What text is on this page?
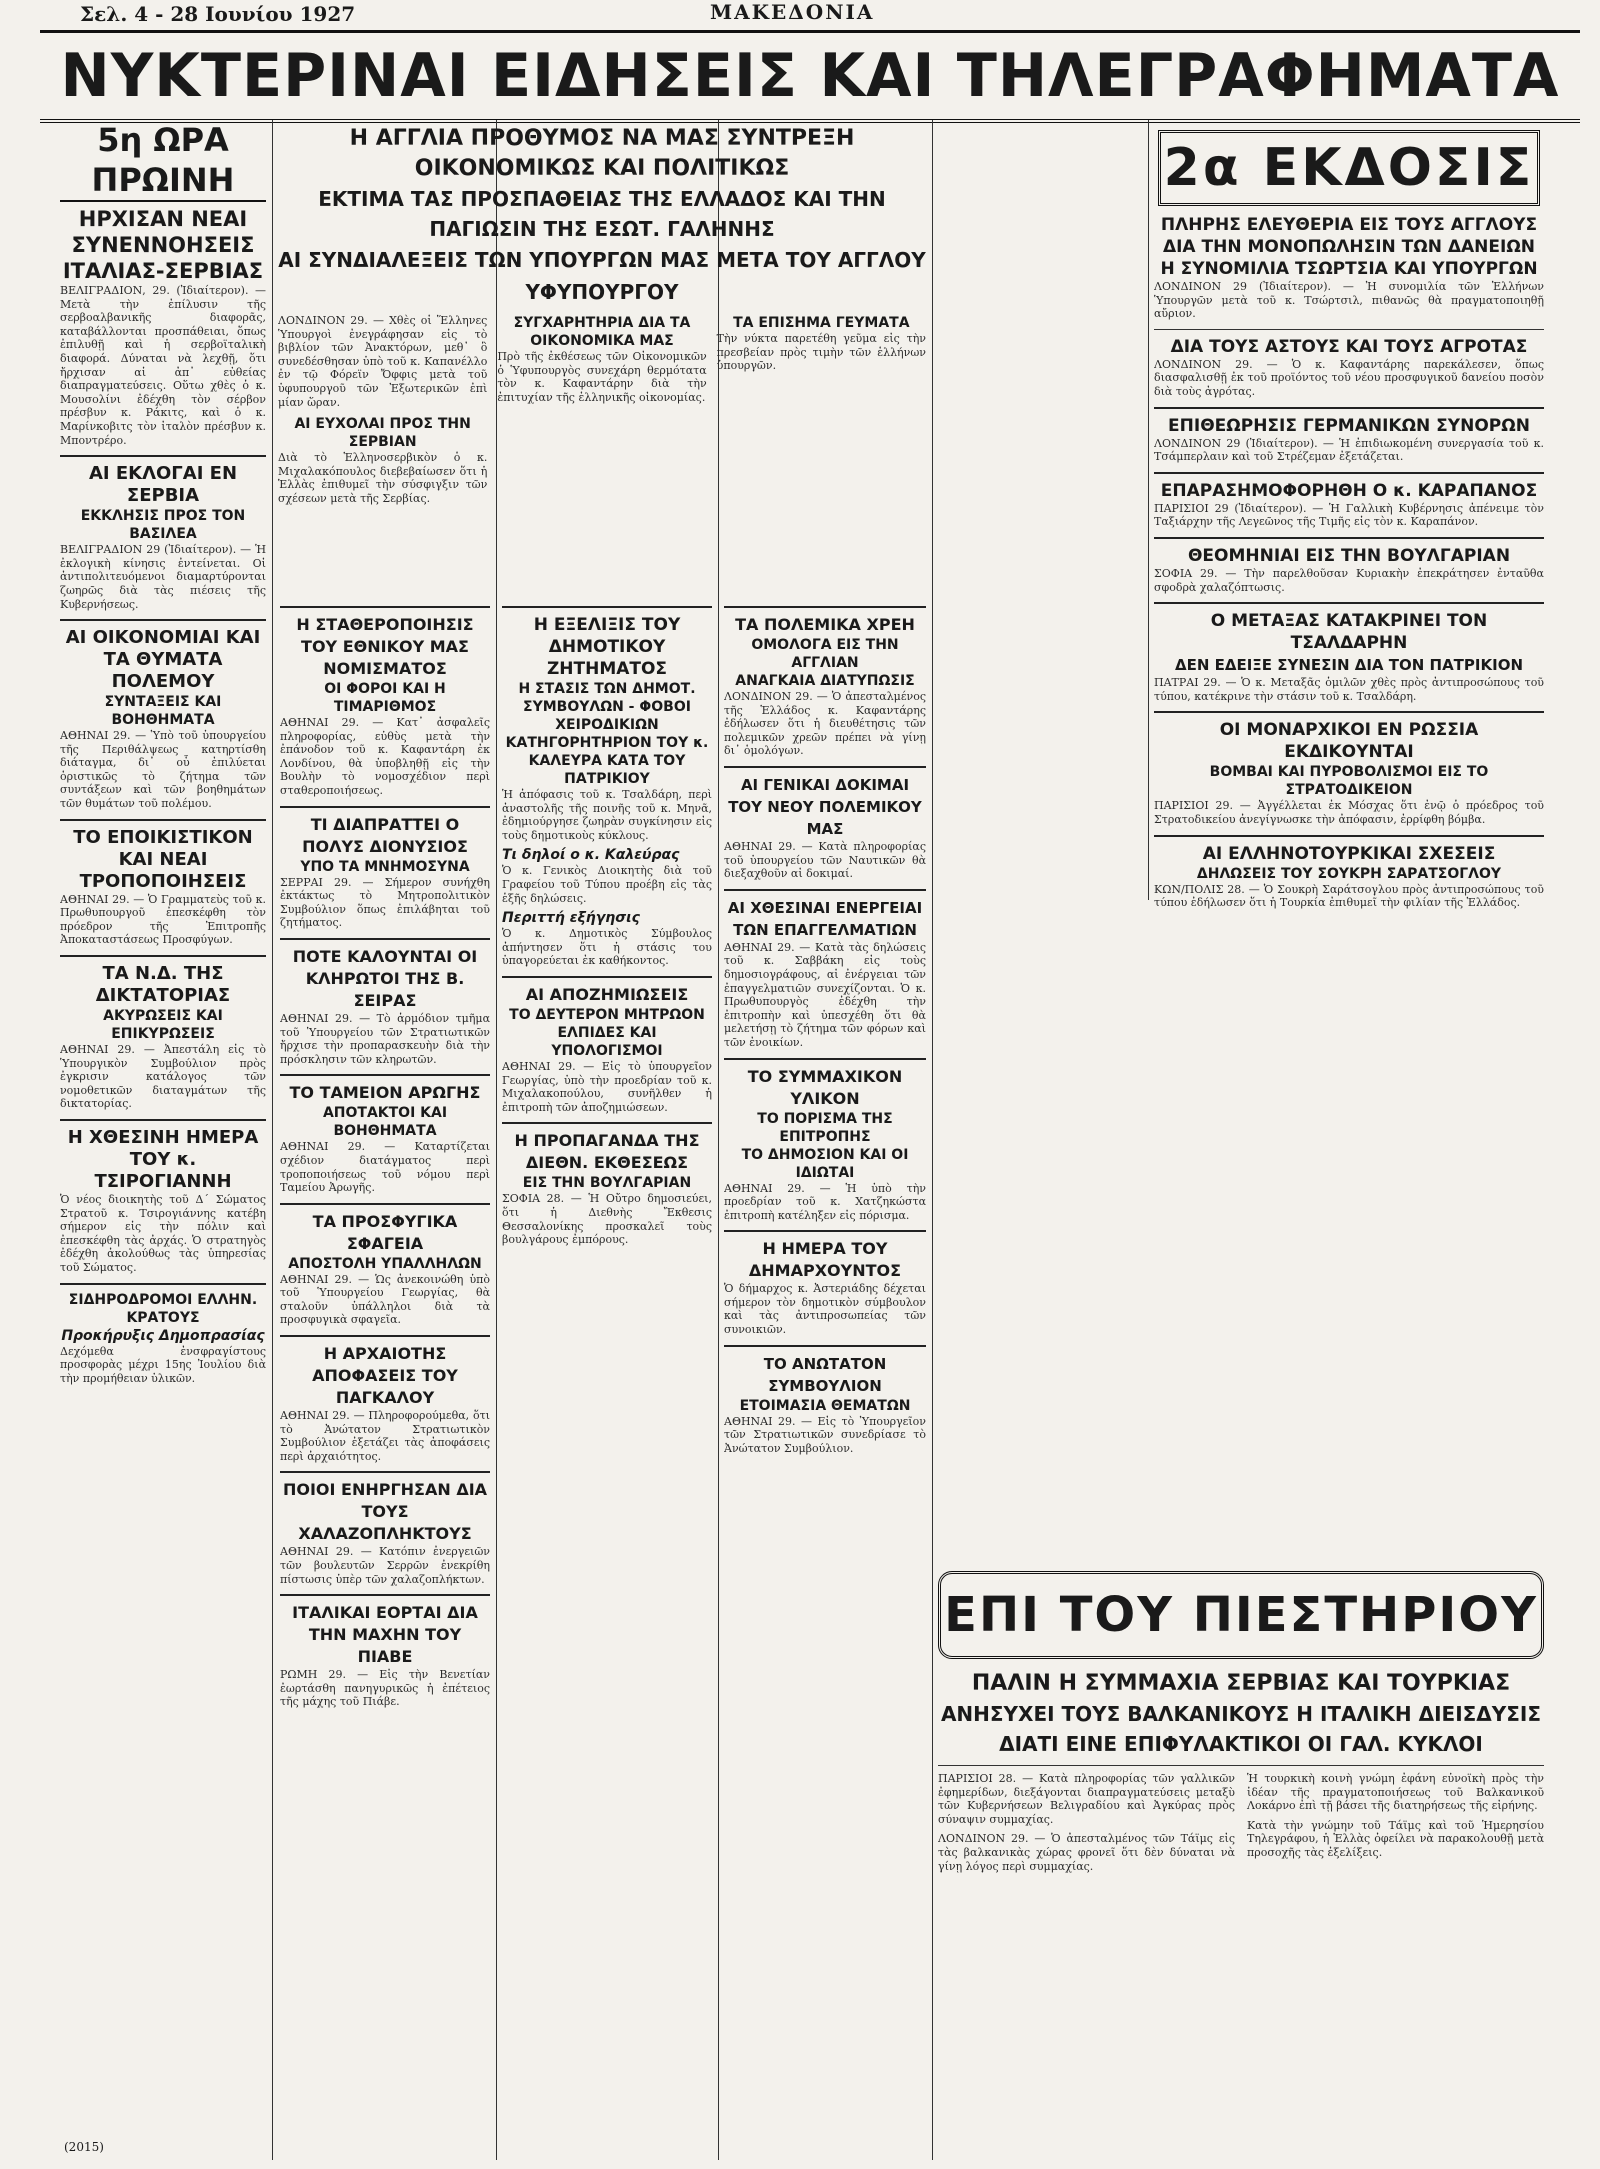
Σελ. 4 - 28 Ιουνίου 1927	ΜΑΚΕΔΟΝΙΑ
ΝΥΚΤΕΡΙΝΑΙ ΕΙΔΗΣΕΙΣ ΚΑΙ ΤΗΛΕΓΡΑΦΗΜΑΤΑ
5η ΩΡΑ ΠΡΩΙΝΗ
ΗΡΧΙΣΑΝ ΝΕΑΙ ΣΥΝΕΝΝΟΗΣΕΙΣ ΙΤΑΛΙΑΣ-ΣΕΡΒΙΑΣ
ΒΕΛΙΓΡΑΔΙΟΝ, 29. (Ἰδιαίτερον). — Μετὰ τὴν ἐπίλυσιν τῆς σερβοαλβανικῆς διαφορᾶς, καταβάλλονται προσπάθειαι, ὅπως ἐπιλυθῇ καὶ ἡ σερβοϊταλικὴ διαφορά. Δύναται νὰ λεχθῇ, ὅτι ἤρχισαν αἱ ἀπ᾿ εὐθείας διαπραγματεύσεις. Οὕτω χθὲς ὁ κ. Μουσολίνι ἐδέχθη τὸν σέρβον πρέσβυν κ. Ράκιτς, καὶ ὁ κ. Μαρίνκοβιτς τὸν ἰταλὸν πρέσβυν κ. Μποντρέρο.
ΑΙ ΕΚΛΟΓΑΙ ΕΝ ΣΕΡΒΙΑ
ΕΚΚΛΗΣΙΣ ΠΡΟΣ ΤΟΝ ΒΑΣΙΛΕΑ
ΒΕΛΙΓΡΑΔΙΟΝ 29 (Ἰδιαίτερον). — Ἡ ἐκλογικὴ κίνησις ἐντείνεται. Οἱ ἀντιπολιτευόμενοι διαμαρτύρονται ζωηρῶς διὰ τὰς πιέσεις τῆς Κυβερνήσεως.
ΑΙ ΟΙΚΟΝΟΜΙΑΙ ΚΑΙ ΤΑ ΘΥΜΑΤΑ ΠΟΛΕΜΟΥ
ΣΥΝΤΑΞΕΙΣ ΚΑΙ ΒΟΗΘΗΜΑΤΑ
ΑΘΗΝΑΙ 29. — Ὑπὸ τοῦ ὑπουργείου τῆς Περιθάλψεως κατηρτίσθη διάταγμα, δι᾿ οὗ ἐπιλύεται ὁριστικῶς τὸ ζήτημα τῶν συντάξεων καὶ τῶν βοηθημάτων τῶν θυμάτων τοῦ πολέμου.
ΤΟ ΕΠΟΙΚΙΣΤΙΚΟΝ ΚΑΙ ΝΕΑΙ ΤΡΟΠΟΠΟΙΗΣΕΙΣ
ΑΘΗΝΑΙ 29. — Ὁ Γραμματεὺς τοῦ κ. Πρωθυπουργοῦ ἐπεσκέφθη τὸν πρόεδρον τῆς Ἐπιτροπῆς Ἀποκαταστάσεως Προσφύγων.
ΤΑ Ν.Δ. ΤΗΣ ΔΙΚΤΑΤΟΡΙΑΣ
ΑΚΥΡΩΣΕΙΣ ΚΑΙ ΕΠΙΚΥΡΩΣΕΙΣ
ΑΘΗΝΑΙ 29. — Ἀπεστάλη εἰς τὸ Ὑπουργικὸν Συμβούλιον πρὸς ἐγκρισιν κατάλογος τῶν νομοθετικῶν διαταγμάτων τῆς δικτατορίας.
Η ΧΘΕΣΙΝΗ ΗΜΕΡΑ ΤΟΥ κ. ΤΣΙΡΟΓΙΑΝΝΗ
Ὁ νέος διοικητὴς τοῦ Δ΄ Σώματος Στρατοῦ κ. Τσιρογιάννης κατέβη σήμερον εἰς τὴν πόλιν καὶ ἐπεσκέφθη τὰς ἀρχάς. Ὁ στρατηγὸς ἐδέχθη ἀκολούθως τὰς ὑπηρεσίας τοῦ Σώματος.
ΣΙΔΗΡΟΔΡΟΜΟΙ ΕΛΛΗΝ. ΚΡΑΤΟΥΣ
Προκήρυξις Δημοπρασίας
Δεχόμεθα ἐνσφραγίστους προσφορὰς μέχρι 15ης Ἰουλίου διὰ τὴν προμήθειαν ὑλικῶν.
(2015)
Η ΑΓΓΛΙΑ ΠΡΟΘΥΜΟΣ ΝΑ ΜΑΣ ΣΥΝΤΡΕΞΗ ΟΙΚΟΝΟΜΙΚΩΣ ΚΑΙ ΠΟΛΙΤΙΚΩΣ
ΕΚΤΙΜΑ ΤΑΣ ΠΡΟΣΠΑΘΕΙΑΣ ΤΗΣ ΕΛΛΑΔΟΣ ΚΑΙ ΤΗΝ ΠΑΓΙΩΣΙΝ ΤΗΣ ΕΣΩΤ. ΓΑΛΗΝΗΣ
ΑΙ ΣΥΝΔΙΑΛΕΞΕΙΣ ΤΩΝ ΥΠΟΥΡΓΩΝ ΜΑΣ ΜΕΤΑ ΤΟΥ ΑΓΓΛΟΥ ΥΦΥΠΟΥΡΓΟΥ
ΛΟΝΔΙΝΟΝ 29. — Χθὲς οἱ Ἕλληνες Ὑπουργοὶ ἐνεγράφησαν εἰς τὸ βιβλίον τῶν Ἀνακτόρων, μεθ᾿ ὃ συνεδέσθησαν ὑπὸ τοῦ κ. Καπανέλλο ἐν τῷ Φόρεϊν Ὄφφις μετὰ τοῦ ὑφυπουργοῦ τῶν Ἐξωτερικῶν ἐπὶ μίαν ὥραν.
ΑΙ ΕΥΧΟΛΑΙ ΠΡΟΣ ΤΗΝ ΣΕΡΒΙΑΝ
Διὰ τὸ Ἑλληνοσερβικὸν ὁ κ. Μιχαλακόπουλος διεβεβαίωσεν ὅτι ἡ Ἑλλὰς ἐπιθυμεῖ τὴν σύσφιγξιν τῶν σχέσεων μετὰ τῆς Σερβίας.
ΣΥΓΧΑΡΗΤΗΡΙΑ ΔΙΑ ΤΑ ΟΙΚΟΝΟΜΙΚΑ ΜΑΣ
Πρὸ τῆς ἐκθέσεως τῶν Οἰκονομικῶν ὁ Ὑφυπουργὸς συνεχάρη θερμότατα τὸν κ. Καφαντάρην διὰ τὴν ἐπιτυχίαν τῆς ἑλληνικῆς οἰκονομίας.
ΤΑ ΕΠΙΣΗΜΑ ΓΕΥΜΑΤΑ
Τὴν νύκτα παρετέθη γεῦμα εἰς τὴν πρεσβείαν πρὸς τιμὴν τῶν ἑλλήνων ὑπουργῶν.
Η ΣΤΑΘΕΡΟΠΟΙΗΣΙΣ ΤΟΥ ΕΘΝΙΚΟΥ ΜΑΣ ΝΟΜΙΣΜΑΤΟΣ
ΟΙ ΦΟΡΟΙ ΚΑΙ Η ΤΙΜΑΡΙΘΜΟΣ
ΑΘΗΝΑΙ 29. — Κατ᾿ ἀσφαλεῖς πληροφορίας, εὐθὺς μετὰ τὴν ἐπάνοδον τοῦ κ. Καφαντάρη ἐκ Λονδίνου, θὰ ὑποβληθῇ εἰς τὴν Βουλὴν τὸ νομοσχέδιον περὶ σταθεροποιήσεως.
ΤΙ ΔΙΑΠΡΑΤΤΕΙ Ο ΠΟΛΥΣ ΔΙΟΝΥΣΙΟΣ
ΥΠΟ ΤΑ ΜΝΗΜΟΣΥΝΑ
ΣΕΡΡΑΙ 29. — Σήμερον συνήχθη ἐκτάκτως τὸ Μητροπολιτικὸν Συμβούλιον ὅπως ἐπιλάβηται τοῦ ζητήματος.
ΠΟΤΕ ΚΑΛΟΥΝΤΑΙ ΟΙ ΚΛΗΡΩΤΟΙ ΤΗΣ Β. ΣΕΙΡΑΣ
ΑΘΗΝΑΙ 29. — Τὸ ἁρμόδιον τμῆμα τοῦ Ὑπουργείου τῶν Στρατιωτικῶν ἤρχισε τὴν προπαρασκευὴν διὰ τὴν πρόσκλησιν τῶν κληρωτῶν.
ΤΟ ΤΑΜΕΙΟΝ ΑΡΩΓΗΣ
ΑΠΟΤΑΚΤΟΙ ΚΑΙ ΒΟΗΘΗΜΑΤΑ
ΑΘΗΝΑΙ 29. — Καταρτίζεται σχέδιον διατάγματος περὶ τροποποιήσεως τοῦ νόμου περὶ Ταμείου Ἀρωγῆς.
ΤΑ ΠΡΟΣΦΥΓΙΚΑ ΣΦΑΓΕΙΑ
ΑΠΟΣΤΟΛΗ ΥΠΑΛΛΗΛΩΝ
ΑΘΗΝΑΙ 29. — Ὡς ἀνεκοινώθη ὑπὸ τοῦ Ὑπουργείου Γεωργίας, θὰ σταλοῦν ὑπάλληλοι διὰ τὰ προσφυγικὰ σφαγεῖα.
Η ΑΡΧΑΙΟΤΗΣ ΑΠΟΦΑΣΕΙΣ ΤΟΥ ΠΑΓΚΑΛΟΥ
ΑΘΗΝΑΙ 29. — Πληροφορούμεθα, ὅτι τὸ Ἀνώτατον Στρατιωτικὸν Συμβούλιον ἐξετάζει τὰς ἀποφάσεις περὶ ἀρχαιότητος.
ΠΟΙΟΙ ΕΝΗΡΓΗΣΑΝ ΔΙΑ ΤΟΥΣ ΧΑΛΑΖΟΠΛΗΚΤΟΥΣ
ΑΘΗΝΑΙ 29. — Κατόπιν ἐνεργειῶν τῶν βουλευτῶν Σερρῶν ἐνεκρίθη πίστωσις ὑπὲρ τῶν χαλαζοπλήκτων.
ΙΤΑΛΙΚΑΙ ΕΟΡΤΑΙ ΔΙΑ ΤΗΝ ΜΑΧΗΝ ΤΟΥ ΠΙΑΒΕ
ΡΩΜΗ 29. — Εἰς τὴν Βενετίαν ἐωρτάσθη πανηγυρικῶς ἡ ἐπέτειος τῆς μάχης τοῦ Πιάβε.
Η ΕΞΕΛΙΞΙΣ ΤΟΥ ΔΗΜΟΤΙΚΟΥ ΖΗΤΗΜΑΤΟΣ
Η ΣΤΑΣΙΣ ΤΩΝ ΔΗΜΟΤ. ΣΥΜΒΟΥΛΩΝ - ΦΟΒΟΙ ΧΕΙΡΟΔΙΚΙΩΝ
ΚΑΤΗΓΟΡΗΤΗΡΙΟΝ ΤΟΥ κ. ΚΑΛΕΥΡΑ ΚΑΤΑ ΤΟΥ ΠΑΤΡΙΚΙΟΥ
Ἡ ἀπόφασις τοῦ κ. Τσαλδάρη, περὶ ἀναστολῆς τῆς ποινῆς τοῦ κ. Μηνᾶ, ἐδημιούργησε ζωηρὰν συγκίνησιν εἰς τοὺς δημοτικοὺς κύκλους.
Τι δηλοί ο κ. Καλεύρας
Ὁ κ. Γενικὸς Διοικητὴς διὰ τοῦ Γραφείου τοῦ Τύπου προέβη εἰς τὰς ἑξῆς δηλώσεις.
Περιττή εξήγησις
Ὁ κ. Δημοτικὸς Σύμβουλος ἀπήντησεν ὅτι ἡ στάσις του ὑπαγορεύεται ἐκ καθήκοντος.
ΑΙ ΑΠΟΖΗΜΙΩΣΕΙΣ
ΤΟ ΔΕΥΤΕΡΟΝ ΜΗΤΡΩΟΝ
ΕΛΠΙΔΕΣ ΚΑΙ ΥΠΟΛΟΓΙΣΜΟΙ
ΑΘΗΝΑΙ 29. — Εἰς τὸ ὑπουργεῖον Γεωργίας, ὑπὸ τὴν προεδρίαν τοῦ κ. Μιχαλακοπούλου, συνῆλθεν ἡ ἐπιτροπὴ τῶν ἀποζημιώσεων.
Η ΠΡΟΠΑΓΑΝΔΑ ΤΗΣ ΔΙΕΘΝ. ΕΚΘΕΣΕΩΣ
ΕΙΣ ΤΗΝ ΒΟΥΛΓΑΡΙΑΝ
ΣΟΦΙΑ 28. — Ἡ Οὔτρο δημοσιεύει, ὅτι ἡ Διεθνὴς Ἔκθεσις Θεσσαλονίκης προσκαλεῖ τοὺς βουλγάρους ἐμπόρους.
ΤΑ ΠΟΛΕΜΙΚΑ ΧΡΕΗ
ΟΜΟΛΟΓΑ ΕΙΣ ΤΗΝ ΑΓΓΛΙΑΝ
ΑΝΑΓΚΑΙΑ ΔΙΑΤΥΠΩΣΙΣ
ΛΟΝΔΙΝΟΝ 29. — Ὁ ἀπεσταλμένος τῆς Ἑλλάδος κ. Καφαντάρης ἐδήλωσεν ὅτι ἡ διευθέτησις τῶν πολεμικῶν χρεῶν πρέπει νὰ γίνῃ δι᾿ ὁμολόγων.
ΑΙ ΓΕΝΙΚΑΙ ΔΟΚΙΜΑΙ ΤΟΥ ΝΕΟΥ ΠΟΛΕΜΙΚΟΥ ΜΑΣ
ΑΘΗΝΑΙ 29. — Κατὰ πληροφορίας τοῦ ὑπουργείου τῶν Ναυτικῶν θὰ διεξαχθοῦν αἱ δοκιμαί.
ΑΙ ΧΘΕΣΙΝΑΙ ΕΝΕΡΓΕΙΑΙ ΤΩΝ ΕΠΑΓΓΕΛΜΑΤΙΩΝ
ΑΘΗΝΑΙ 29. — Κατὰ τὰς δηλώσεις τοῦ κ. Σαββάκη εἰς τοὺς δημοσιογράφους, αἱ ἐνέργειαι τῶν ἐπαγγελματιῶν συνεχίζονται. Ὁ κ. Πρωθυπουργὸς ἐδέχθη τὴν ἐπιτροπὴν καὶ ὑπεσχέθη ὅτι θὰ μελετήσῃ τὸ ζήτημα τῶν φόρων καὶ τῶν ἐνοικίων.
ΤΟ ΣΥΜΜΑΧΙΚΟΝ ΥΛΙΚΟΝ
ΤΟ ΠΟΡΙΣΜΑ ΤΗΣ ΕΠΙΤΡΟΠΗΣ
ΤΟ ΔΗΜΟΣΙΟΝ ΚΑΙ ΟΙ ΙΔΙΩΤΑΙ
ΑΘΗΝΑΙ 29. — Ἡ ὑπὸ τὴν προεδρίαν τοῦ κ. Χατζηκώστα ἐπιτροπὴ κατέληξεν εἰς πόρισμα.
Η ΗΜΕΡΑ ΤΟΥ ΔΗΜΑΡΧΟΥΝΤΟΣ
Ὁ δήμαρχος κ. Ἀστεριάδης δέχεται σήμερον τὸν δημοτικὸν σύμβουλον καὶ τὰς ἀντιπροσωπείας τῶν συνοικιῶν.
ΤΟ ΑΝΩΤΑΤΟΝ ΣΥΜΒΟΥΛΙΟΝ
ΕΤΟΙΜΑΣΙΑ ΘΕΜΑΤΩΝ
ΑΘΗΝΑΙ 29. — Εἰς τὸ Ὑπουργεῖον τῶν Στρατιωτικῶν συνεδρίασε τὸ Ἀνώτατον Συμβούλιον.
2α ΕΚΔΟΣΙΣ
ΠΛΗΡΗΣ ΕΛΕΥΘΕΡΙΑ ΕΙΣ ΤΟΥΣ ΑΓΓΛΟΥΣ ΔΙΑ ΤΗΝ ΜΟΝΟΠΩΛΗΣΙΝ ΤΩΝ ΔΑΝΕΙΩΝ
Η ΣΥΝΟΜΙΛΙΑ ΤΣΩΡΤΣΙΑ ΚΑΙ ΥΠΟΥΡΓΩΝ
ΛΟΝΔΙΝΟΝ 29 (Ἰδιαίτερον). — Ἡ συνομιλία τῶν Ἑλλήνων Ὑπουργῶν μετὰ τοῦ κ. Τσώρτσιλ, πιθανῶς θὰ πραγματοποιηθῇ αὔριον.
ΔΙΑ ΤΟΥΣ ΑΣΤΟΥΣ ΚΑΙ ΤΟΥΣ ΑΓΡΟΤΑΣ
ΛΟΝΔΙΝΟΝ 29. — Ὁ κ. Καφαντάρης παρεκάλεσεν, ὅπως διασφαλισθῇ ἐκ τοῦ προϊόντος τοῦ νέου προσφυγικοῦ δανείου ποσὸν διὰ τοὺς ἀγρότας.
ΕΠΙΘΕΩΡΗΣΙΣ ΓΕΡΜΑΝΙΚΩΝ ΣΥΝΟΡΩΝ
ΛΟΝΔΙΝΟΝ 29 (Ἰδιαίτερον). — Ἡ ἐπιδιωκομένη συνεργασία τοῦ κ. Τσάμπερλαιν καὶ τοῦ Στρέζεμαν ἐξετάζεται.
ΕΠΑΡΑΣΗΜΟΦΟΡΗΘΗ Ο κ. ΚΑΡΑΠΑΝΟΣ
ΠΑΡΙΣΙΟΙ 29 (Ἰδιαίτερον). — Ἡ Γαλλικὴ Κυβέρνησις ἀπένειμε τὸν Ταξιάρχην τῆς Λεγεῶνος τῆς Τιμῆς εἰς τὸν κ. Καραπάνον.
ΘΕΟΜΗΝΙΑΙ ΕΙΣ ΤΗΝ ΒΟΥΛΓΑΡΙΑΝ
ΣΟΦΙΑ 29. — Τὴν παρελθοῦσαν Κυριακὴν ἐπεκράτησεν ἐνταῦθα σφοδρὰ χαλαζόπτωσις.
Ο ΜΕΤΑΞΑΣ ΚΑΤΑΚΡΙΝΕΙ ΤΟΝ ΤΣΑΛΔΑΡΗΝ
ΔΕΝ ΕΔΕΙΞΕ ΣΥΝΕΣΙΝ ΔΙΑ ΤΟΝ ΠΑΤΡΙΚΙΟΝ
ΠΑΤΡΑΙ 29. — Ὁ κ. Μεταξᾶς ὁμιλῶν χθὲς πρὸς ἀντιπροσώπους τοῦ τύπου, κατέκρινε τὴν στάσιν τοῦ κ. Τσαλδάρη.
ΟΙ ΜΟΝΑΡΧΙΚΟΙ ΕΝ ΡΩΣΣΙΑ ΕΚΔΙΚΟΥΝΤΑΙ
ΒΟΜΒΑΙ ΚΑΙ ΠΥΡΟΒΟΛΙΣΜΟΙ ΕΙΣ ΤΟ ΣΤΡΑΤΟΔΙΚΕΙΟΝ
ΠΑΡΙΣΙΟΙ 29. — Ἀγγέλλεται ἐκ Μόσχας ὅτι ἐνῷ ὁ πρόεδρος τοῦ Στρατοδικείου ἀνεγίγνωσκε τὴν ἀπόφασιν, ἐρρίφθη βόμβα.
ΑΙ ΕΛΛΗΝΟΤΟΥΡΚΙΚΑΙ ΣΧΕΣΕΙΣ
ΔΗΛΩΣΕΙΣ ΤΟΥ ΣΟΥΚΡΗ ΣΑΡΑΤΣΟΓΛΟΥ
ΚΩΝ/ΠΟΛΙΣ 28. — Ὁ Σουκρὴ Σαράτσογλου πρὸς ἀντιπροσώπους τοῦ τύπου ἐδήλωσεν ὅτι ἡ Τουρκία ἐπιθυμεῖ τὴν φιλίαν τῆς Ἑλλάδος.
ΕΠΙ ΤΟΥ ΠΙΕΣΤΗΡΙΟΥ
ΠΑΛΙΝ Η ΣΥΜΜΑΧΙΑ ΣΕΡΒΙΑΣ ΚΑΙ ΤΟΥΡΚΙΑΣ
ΑΝΗΣΥΧΕΙ ΤΟΥΣ ΒΑΛΚΑΝΙΚΟΥΣ Η ΙΤΑΛΙΚΗ ΔΙΕΙΣΔΥΣΙΣ
ΔΙΑΤΙ ΕΙΝΕ ΕΠΙΦΥΛΑΚΤΙΚΟΙ ΟΙ ΓΑΛ. ΚΥΚΛΟΙ
ΠΑΡΙΣΙΟΙ 28. — Κατὰ πληροφορίας τῶν γαλλικῶν ἐφημερίδων, διεξάγονται διαπραγματεύσεις μεταξὺ τῶν Κυβερνήσεων Βελιγραδίου καὶ Ἀγκύρας πρὸς σύναψιν συμμαχίας.
ΛΟΝΔΙΝΟΝ 29. — Ὁ ἀπεσταλμένος τῶν Τάϊμς εἰς τὰς βαλκανικὰς χώρας φρονεῖ ὅτι δὲν δύναται νὰ γίνῃ λόγος περὶ συμμαχίας.
Ἡ τουρκικὴ κοινὴ γνώμη ἐφάνη εὐνοϊκὴ πρὸς τὴν ἰδέαν τῆς πραγματοποιήσεως τοῦ Βαλκανικοῦ Λοκάρνο ἐπὶ τῇ βάσει τῆς διατηρήσεως τῆς εἰρήνης.
Κατὰ τὴν γνώμην τοῦ Τάϊμς καὶ τοῦ Ἡμερησίου Τηλεγράφου, ἡ Ἑλλὰς ὀφείλει νὰ παρακολουθῇ μετὰ προσοχῆς τὰς ἐξελίξεις.
